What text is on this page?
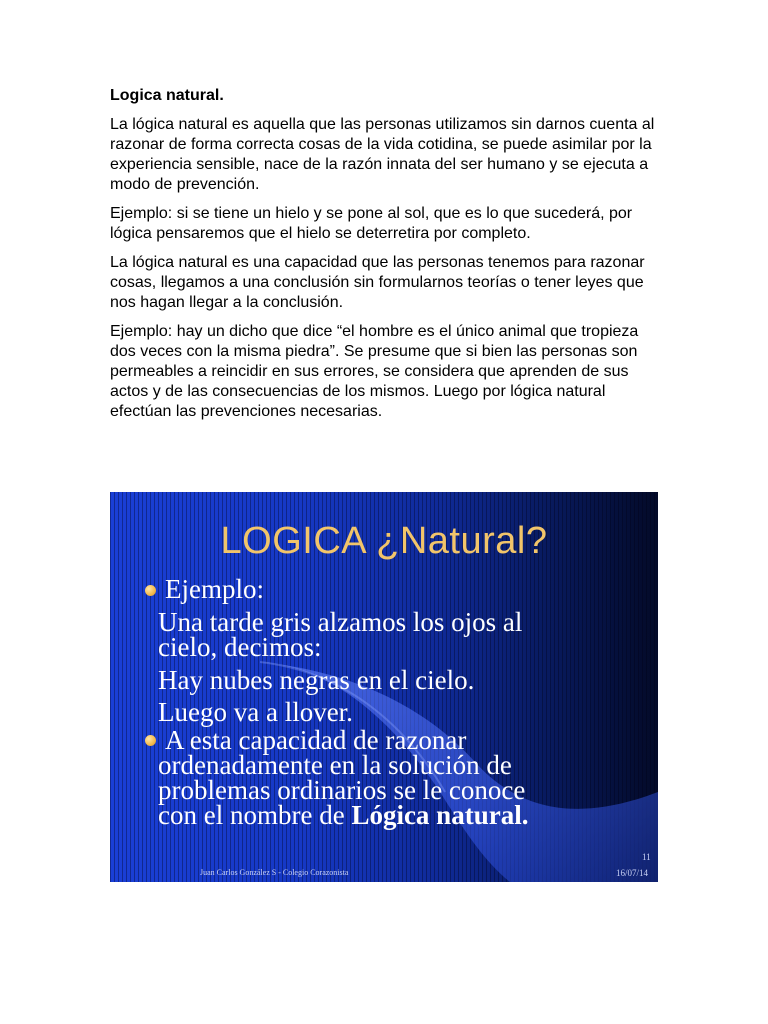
Logica natural.

La lógica natural es aquella que las personas utilizamos sin darnos cuenta al razonar de forma correcta cosas de la vida cotidina, se puede asimilar por la experiencia sensible, nace de la razón innata del ser humano y se ejecuta a modo de prevención.

Ejemplo: si se tiene un hielo y se pone al sol, que es lo que sucederá, por lógica pensaremos que el hielo se deterretira por completo.

La lógica natural es una capacidad que las personas tenemos para razonar cosas, llegamos a una conclusión sin formularnos teorías o tener leyes que nos hagan llegar a la conclusión.

Ejemplo: hay un dicho que dice “el hombre es el único animal que tropieza dos veces con la misma piedra”. Se presume que si bien las personas son permeables a reincidir en sus errores, se considera que aprenden de sus actos y de las consecuencias de los mismos. Luego por lógica natural efectúan las prevenciones necesarias.

LOGICA ¿Natural?
Ejemplo:
Una tarde gris alzamos los ojos al
cielo, decimos:
Hay nubes negras en el cielo.
Luego va a llover.
A esta capacidad de razonar
ordenadamente en la solución de
problemas ordinarios se le conoce
con el nombre de Lógica natural.
11
Juan Carlos González S - Colegio Corazonista	16/07/14
